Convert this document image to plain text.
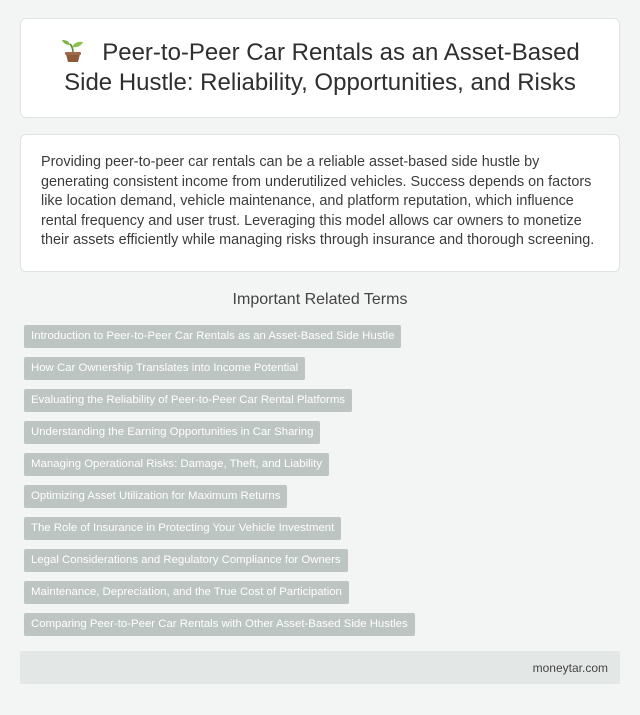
Peer-to-Peer Car Rentals as an Asset-Based Side Hustle: Reliability, Opportunities, and Risks

Providing peer-to-peer car rentals can be a reliable asset-based side hustle by generating consistent income from underutilized vehicles. Success depends on factors like location demand, vehicle maintenance, and platform reputation, which influence rental frequency and user trust. Leveraging this model allows car owners to monetize their assets efficiently while managing risks through insurance and thorough screening.

Important Related Terms
Introduction to Peer-to-Peer Car Rentals as an Asset-Based Side Hustle
How Car Ownership Translates into Income Potential
Evaluating the Reliability of Peer-to-Peer Car Rental Platforms
Understanding the Earning Opportunities in Car Sharing
Managing Operational Risks: Damage, Theft, and Liability
Optimizing Asset Utilization for Maximum Returns
The Role of Insurance in Protecting Your Vehicle Investment
Legal Considerations and Regulatory Compliance for Owners
Maintenance, Depreciation, and the True Cost of Participation
Comparing Peer-to-Peer Car Rentals with Other Asset-Based Side Hustles
moneytar.com
